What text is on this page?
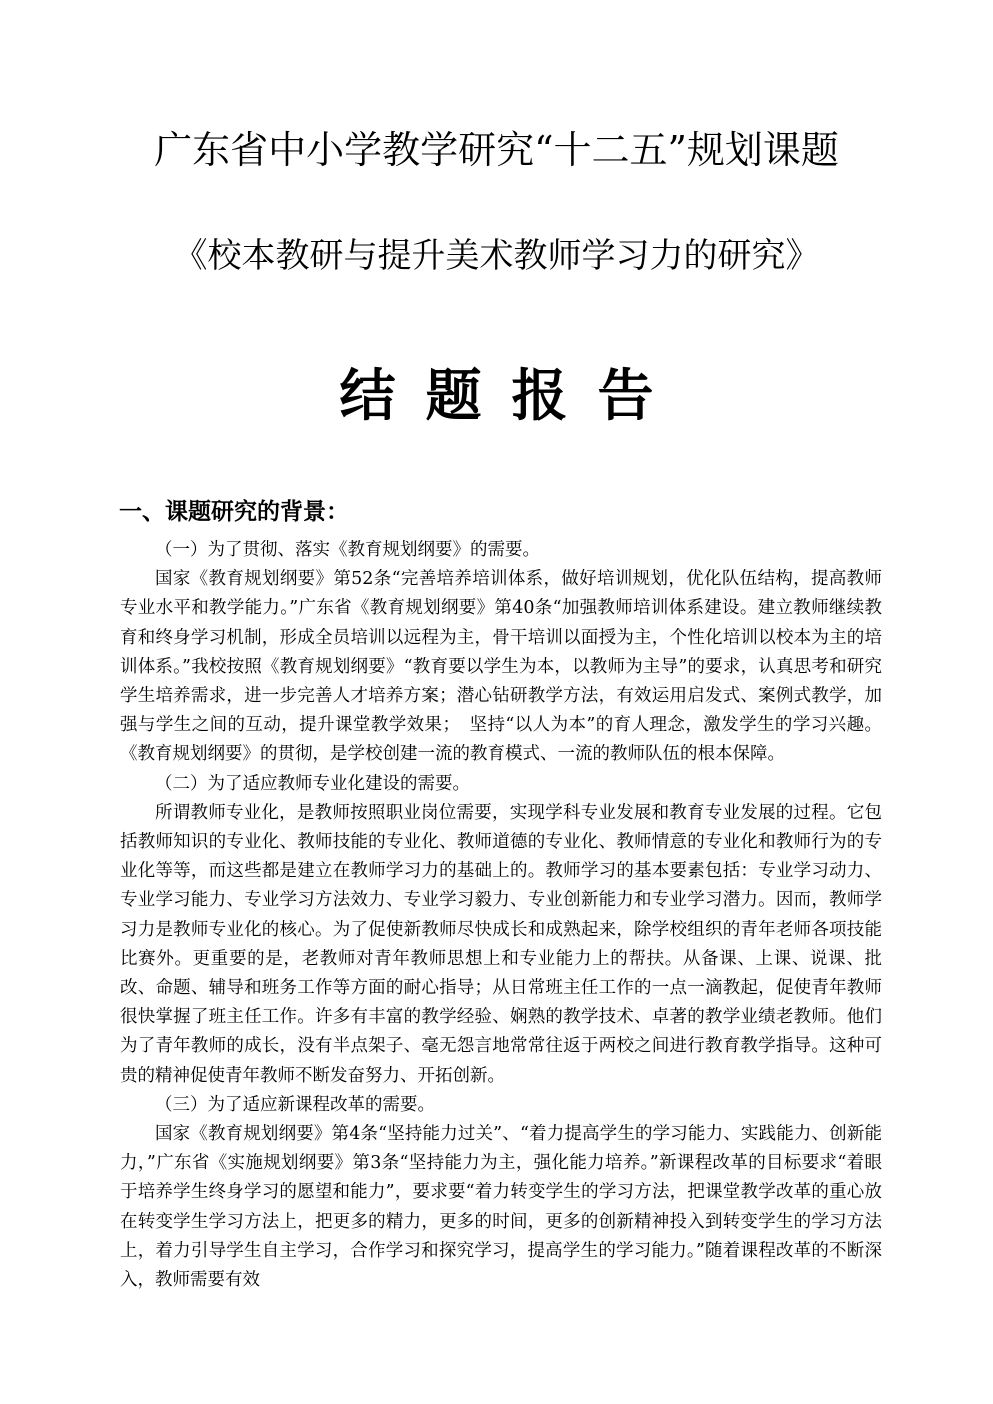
广东省中小学教学研究“十二五”规划课题
《校本教研与提升美术教师学习力的研究》
结题报告
一、课题研究的背景：

（一）为了贯彻、落实《教育规划纲要》的需要。

国家《教育规划纲要》第52条“完善培养培训体系，做好培训规划，优化队伍结构，提高教师专业水平和教学能力。”广东省《教育规划纲要》第40条“加强教师培训体系建设。建立教师继续教育和终身学习机制，形成全员培训以远程为主，骨干培训以面授为主，个性化培训以校本为主的培训体系。”我校按照《教育规划纲要》“教育要以学生为本，以教师为主导”的要求，认真思考和研究学生培养需求，进一步完善人才培养方案；潜心钻研教学方法，有效运用启发式、案例式教学，加强与学生之间的互动，提升课堂教学效果；　坚持“以人为本”的育人理念，激发学生的学习兴趣。《教育规划纲要》的贯彻，是学校创建一流的教育模式、一流的教师队伍的根本保障。

（二）为了适应教师专业化建设的需要。

所谓教师专业化，是教师按照职业岗位需要，实现学科专业发展和教育专业发展的过程。它包括教师知识的专业化、教师技能的专业化、教师道德的专业化、教师情意的专业化和教师行为的专业化等等，而这些都是建立在教师学习力的基础上的。教师学习的基本要素包括：专业学习动力、专业学习能力、专业学习方法效力、专业学习毅力、专业创新能力和专业学习潜力。因而，教师学习力是教师专业化的核心。为了促使新教师尽快成长和成熟起来，除学校组织的青年老师各项技能比赛外。更重要的是，老教师对青年教师思想上和专业能力上的帮扶。从备课、上课、说课、批改、命题、辅导和班务工作等方面的耐心指导；从日常班主任工作的一点一滴教起，促使青年教师很快掌握了班主任工作。许多有丰富的教学经验、娴熟的教学技术、卓著的教学业绩老教师。他们为了青年教师的成长，没有半点架子、毫无怨言地常常往返于两校之间进行教育教学指导。这种可贵的精神促使青年教师不断发奋努力、开拓创新。

（三）为了适应新课程改革的需要。

国家《教育规划纲要》第4条“坚持能力过关”、“着力提高学生的学习能力、实践能力、创新能力，”广东省《实施规划纲要》第3条“坚持能力为主，强化能力培养。”新课程改革的目标要求“着眼于培养学生终身学习的愿望和能力”，要求要“着力转变学生的学习方法，把课堂教学改革的重心放在转变学生学习方法上，把更多的精力，更多的时间，更多的创新精神投入到转变学生的学习方法上，着力引导学生自主学习，合作学习和探究学习，提高学生的学习能力。”随着课程改革的不断深入，教师需要有效
